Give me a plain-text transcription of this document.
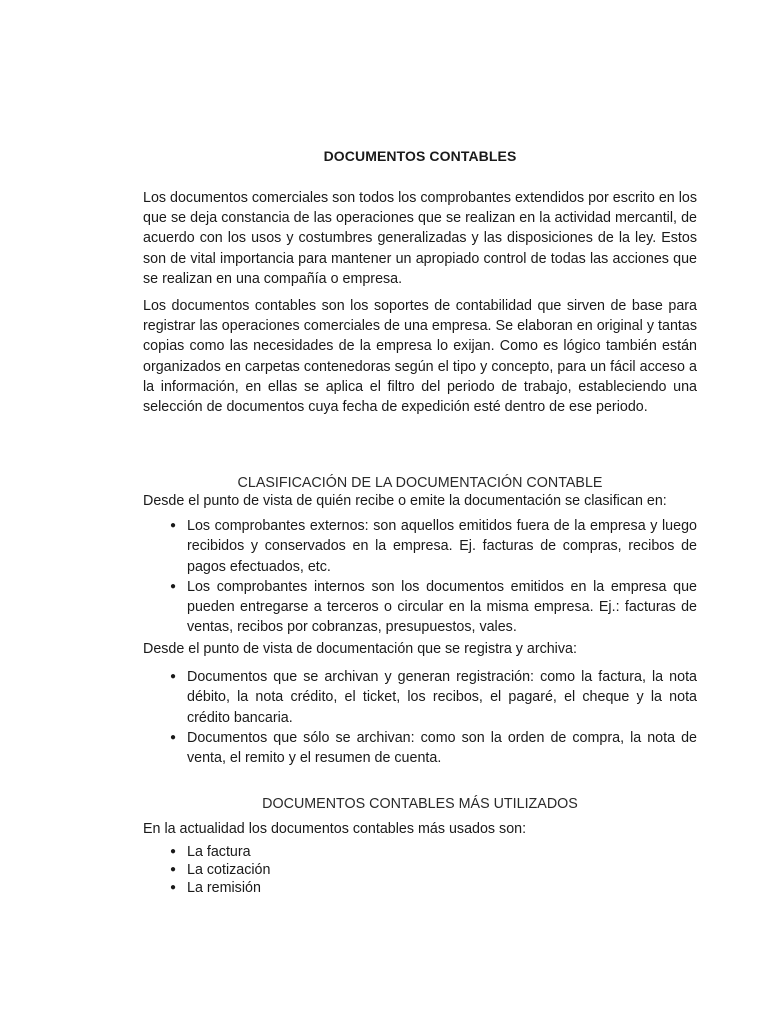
DOCUMENTOS CONTABLES

Los documentos comerciales son todos los comprobantes extendidos por escrito en los que se deja constancia de las operaciones que se realizan en la actividad mercantil, de acuerdo con los usos y costumbres generalizadas y las disposiciones de la ley. Estos son de vital importancia para mantener un apropiado control de todas las acciones que se realizan en una compañía o empresa.

Los documentos contables son los soportes de contabilidad que sirven de base para registrar las operaciones comerciales de una empresa. Se elaboran en original y tantas copias como las necesidades de la empresa lo exijan. Como es lógico también están organizados en carpetas contenedoras según el tipo y concepto, para un fácil acceso a la información, en ellas se aplica el filtro del periodo de trabajo, estableciendo una selección de documentos cuya fecha de expedición esté dentro de ese periodo.

CLASIFICACIÓN DE LA DOCUMENTACIÓN CONTABLE

Desde el punto de vista de quién recibe o emite la documentación se clasifican en:

● Los comprobantes externos: son aquellos emitidos fuera de la empresa y luego recibidos y conservados en la empresa. Ej. facturas de compras, recibos de pagos efectuados, etc.
● Los comprobantes internos son los documentos emitidos en la empresa que pueden entregarse a terceros o circular en la misma empresa. Ej.: facturas de ventas, recibos por cobranzas, presupuestos, vales.

Desde el punto de vista de documentación que se registra y archiva:

● Documentos que se archivan y generan registración: como la factura, la nota débito, la nota crédito, el ticket, los recibos, el pagaré, el cheque y la nota crédito bancaria.
● Documentos que sólo se archivan: como son la orden de compra, la nota de venta, el remito y el resumen de cuenta.
DOCUMENTOS CONTABLES MÁS UTILIZADOS

En la actualidad los documentos contables más usados son:

● La factura
● La cotización
● La remisión
